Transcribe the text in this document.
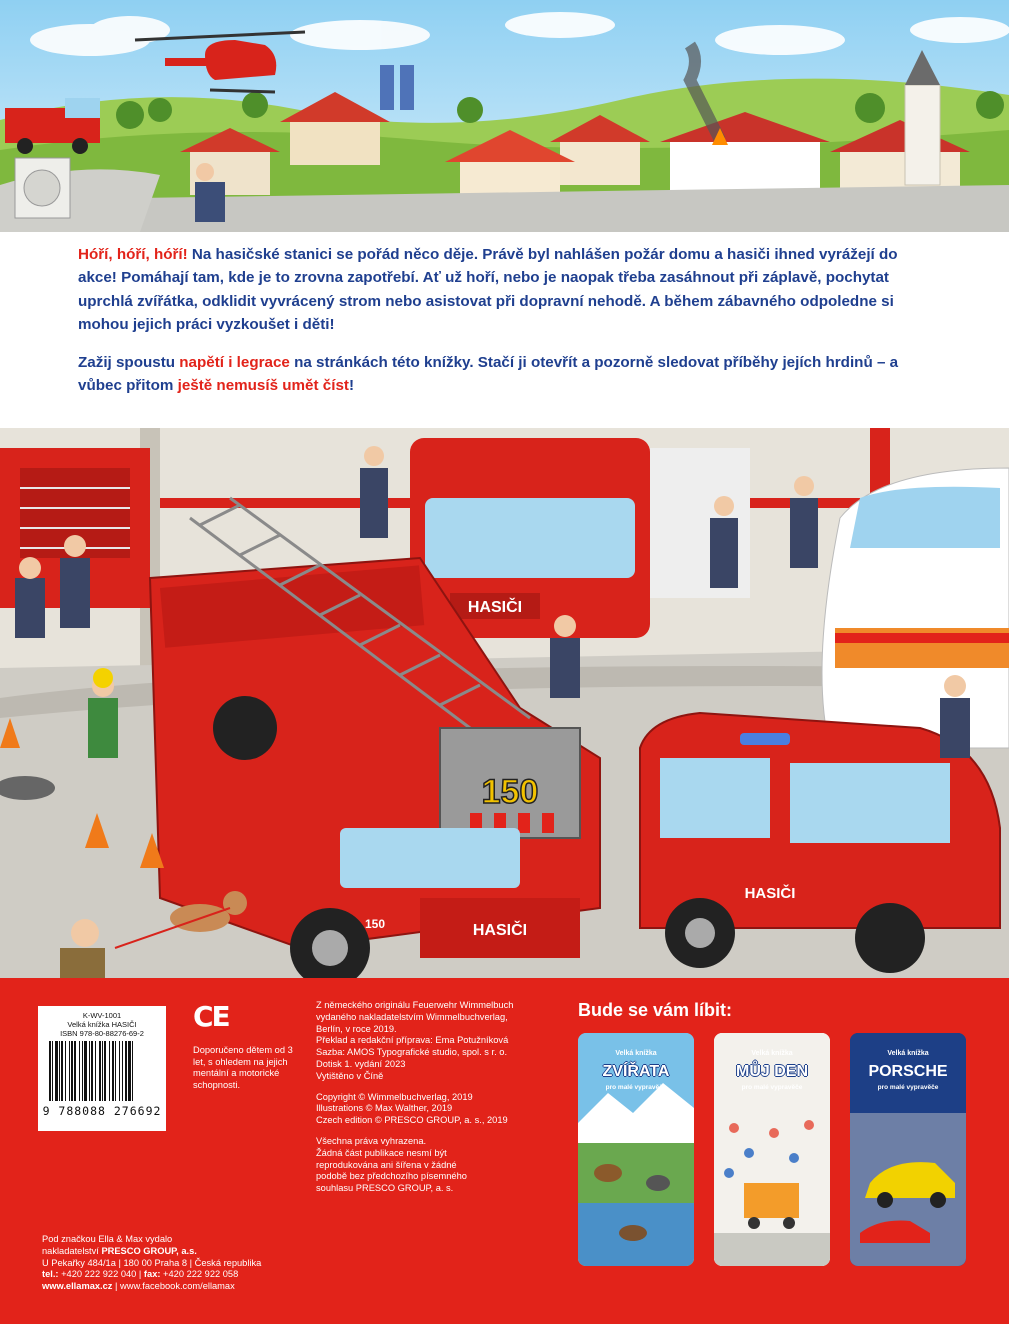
Hóří, hóří, hóří! Na hasičské stanici se pořád něco děje. Právě byl nahlášen požár domu a hasiči ihned vyrážejí do akce! Pomáhají tam, kde je to zrovna zapotřebí. Ať už hoří, nebo je naopak třeba zasáhnout při záplavě, pochytat uprchlá zvířátka, odklidit vyvrácený strom nebo asistovat při dopravní nehodě. A během zábavného odpoledne si mohou jejich práci vyzkoušet i děti!

Zažij spoustu napětí i legrace na stránkách této knížky. Stačí ji otevřít a pozorně sledovat příběhy jejích hrdinů – a vůbec přitom ještě nemusíš umět číst!

HASIČI
150
HASIČI
150
HASIČI
K-WV-1001
Velká knížka HASIČI
ISBN 978-80-88276-69-2
9 788088 276692
CE
Doporučeno dětem od 3 let, s ohledem na jejich mentální a motorické schopnosti.
Z německého originálu Feuerwehr Wimmelbuch
vydaného nakladatelstvím Wimmelbuchverlag,
Berlín, v roce 2019.
Překlad a redakční příprava: Ema Potužníková
Sazba: AMOS Typografické studio, spol. s r. o.
Dotisk 1. vydání 2023
Vytištěno v Číně
Copyright © Wimmelbuchverlag, 2019
Illustrations © Max Walther, 2019
Czech edition © PRESCO GROUP, a. s., 2019
Všechna práva vyhrazena.
Žádná část publikace nesmí být
reprodukována ani šířena v žádné
podobě bez předchozího písemného
souhlasu PRESCO GROUP, a. s.
Pod značkou Ella & Max vydalo
nakladatelství PRESCO GROUP, a.s.
U Pekařky 484/1a | 180 00 Praha 8 | Česká republika
tel.: +420 222 922 040 | fax: +420 222 922 058
www.ellamax.cz | www.facebook.com/ellamax
Bude se vám líbit:
Velká knížka
ZVÍŘATA
pro malé vypravěče
Velká knížka
MŮJ DEN
pro malé vypravěče
Velká knížka
PORSCHE
pro malé vypravěče
